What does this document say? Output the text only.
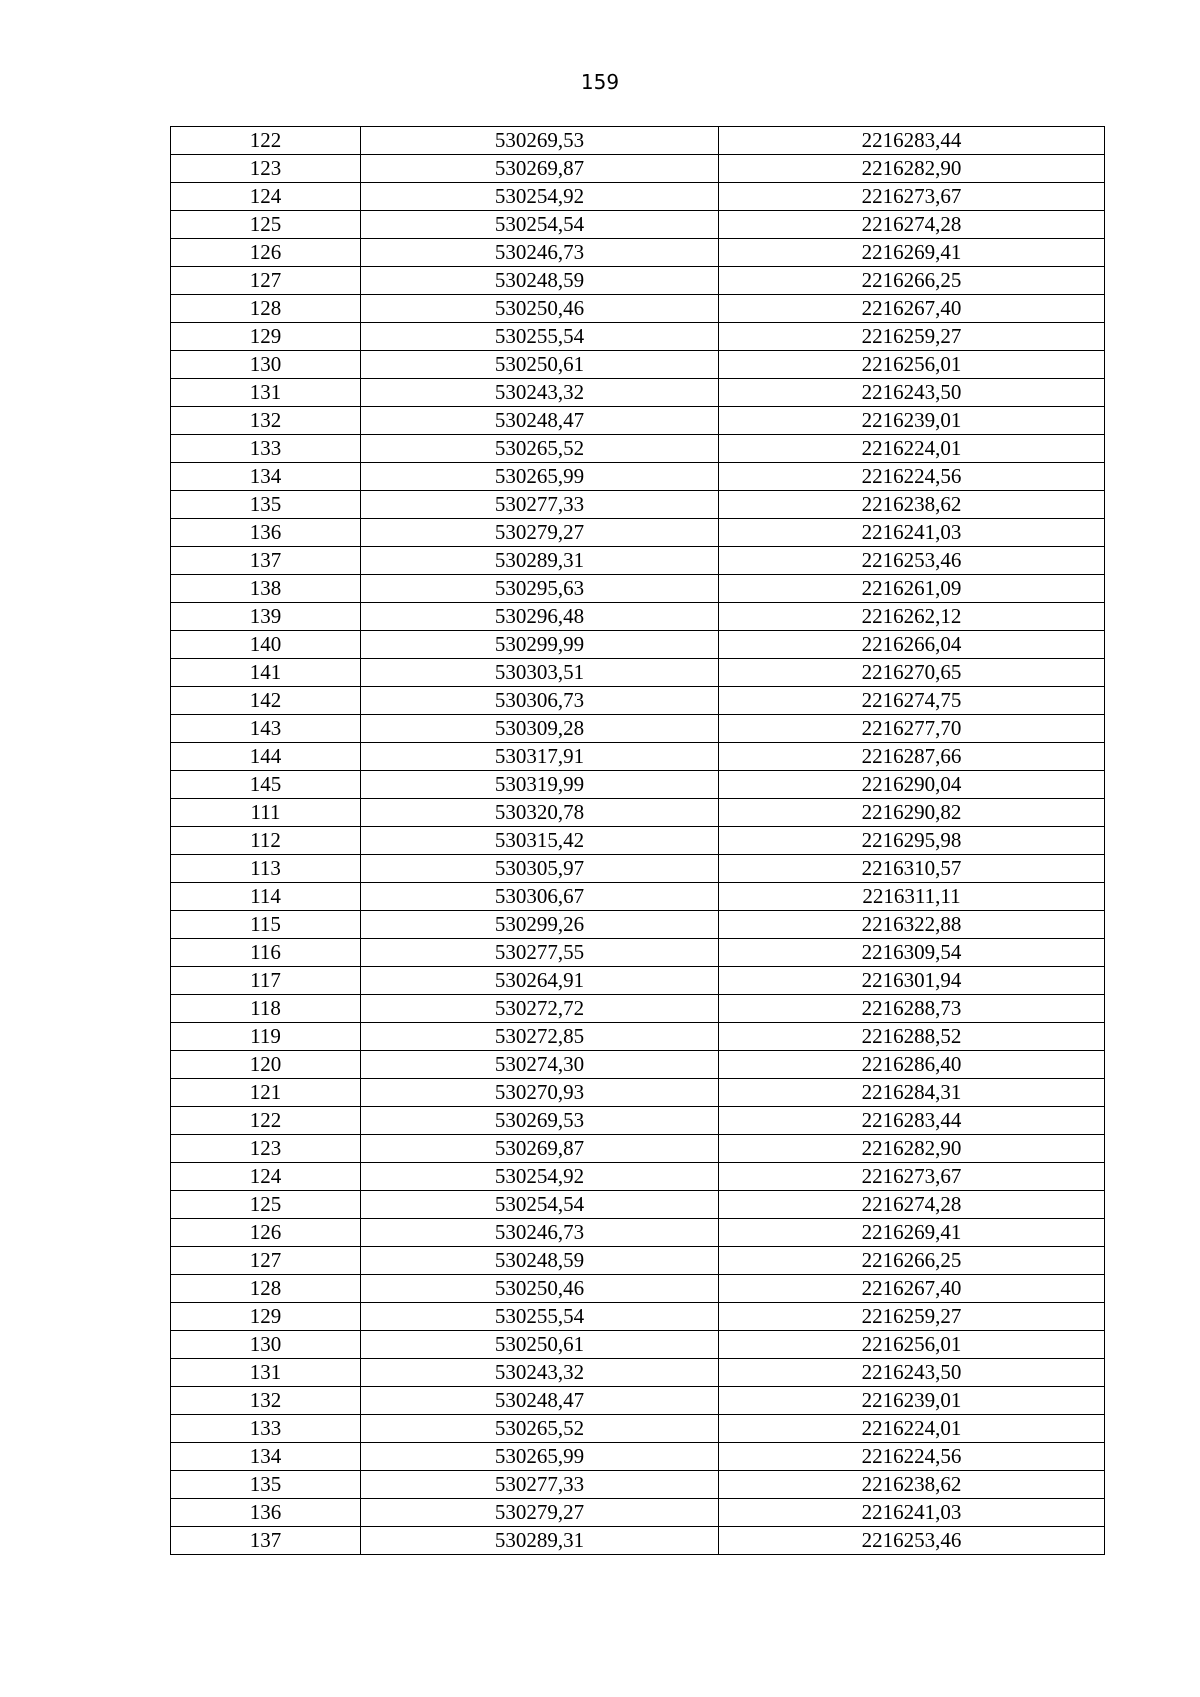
159
122	530269,53	2216283,44
123	530269,87	2216282,90
124	530254,92	2216273,67
125	530254,54	2216274,28
126	530246,73	2216269,41
127	530248,59	2216266,25
128	530250,46	2216267,40
129	530255,54	2216259,27
130	530250,61	2216256,01
131	530243,32	2216243,50
132	530248,47	2216239,01
133	530265,52	2216224,01
134	530265,99	2216224,56
135	530277,33	2216238,62
136	530279,27	2216241,03
137	530289,31	2216253,46
138	530295,63	2216261,09
139	530296,48	2216262,12
140	530299,99	2216266,04
141	530303,51	2216270,65
142	530306,73	2216274,75
143	530309,28	2216277,70
144	530317,91	2216287,66
145	530319,99	2216290,04
111	530320,78	2216290,82
112	530315,42	2216295,98
113	530305,97	2216310,57
114	530306,67	2216311,11
115	530299,26	2216322,88
116	530277,55	2216309,54
117	530264,91	2216301,94
118	530272,72	2216288,73
119	530272,85	2216288,52
120	530274,30	2216286,40
121	530270,93	2216284,31
122	530269,53	2216283,44
123	530269,87	2216282,90
124	530254,92	2216273,67
125	530254,54	2216274,28
126	530246,73	2216269,41
127	530248,59	2216266,25
128	530250,46	2216267,40
129	530255,54	2216259,27
130	530250,61	2216256,01
131	530243,32	2216243,50
132	530248,47	2216239,01
133	530265,52	2216224,01
134	530265,99	2216224,56
135	530277,33	2216238,62
136	530279,27	2216241,03
137	530289,31	2216253,46
